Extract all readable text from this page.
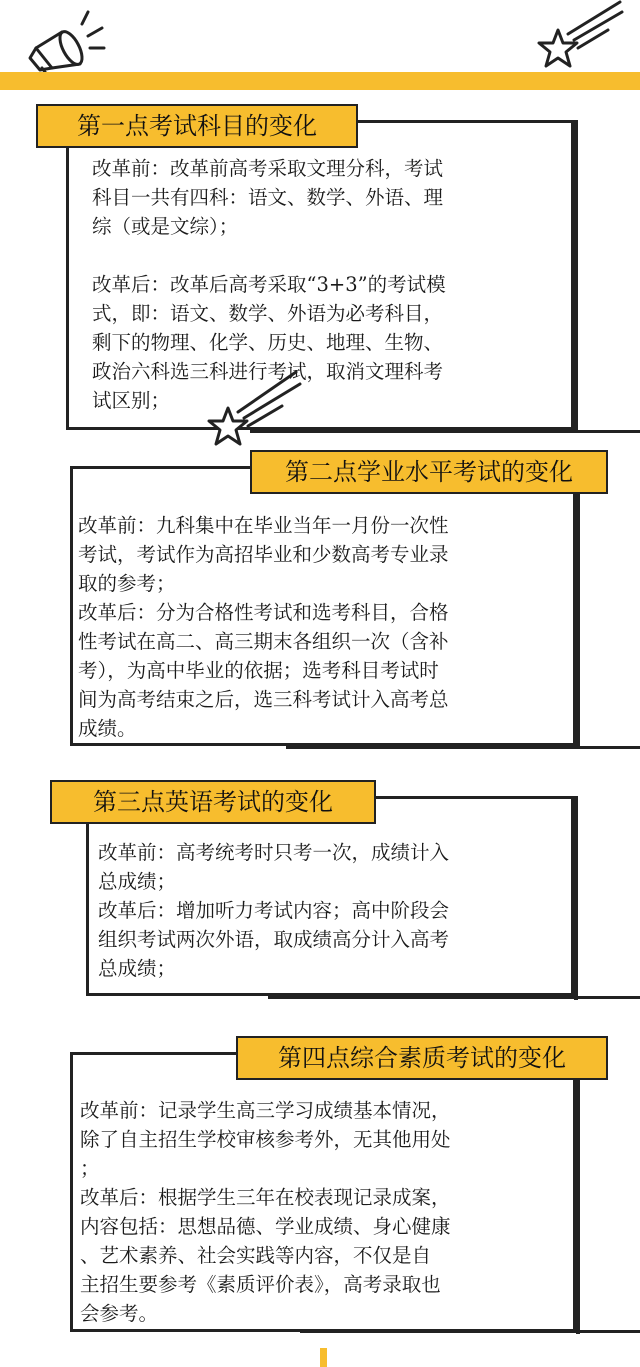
改革前：改革前高考采取文理分科，考试
科目一共有四科：语文、数学、外语、理
综（或是文综）；

改革后：改革后高考采取“3+3”的考试模
式，即：语文、数学、外语为必考科目，
剩下的物理、化学、历史、地理、生物、
政治六科选三科进行考试，取消文理科考
试区别；

第一点考试科目的变化

改革前：九科集中在毕业当年一月份一次性
考试，考试作为高招毕业和少数高考专业录
取的参考；
改革后：分为合格性考试和选考科目，合格
性考试在高二、高三期末各组织一次（含补
考），为高中毕业的依据；选考科目考试时
间为高考结束之后，选三科考试计入高考总
成绩。

第二点学业水平考试的变化

改革前：高考统考时只考一次，成绩计入
总成绩；
改革后：增加听力考试内容；高中阶段会
组织考试两次外语，取成绩高分计入高考
总成绩；

第三点英语考试的变化

改革前：记录学生高三学习成绩基本情况，
除了自主招生学校审核参考外，无其他用处
；
改革后：根据学生三年在校表现记录成案，
内容包括：思想品德、学业成绩、身心健康
、艺术素养、社会实践等内容，不仅是自
主招生要参考《素质评价表》，高考录取也
会参考。

第四点综合素质考试的变化
